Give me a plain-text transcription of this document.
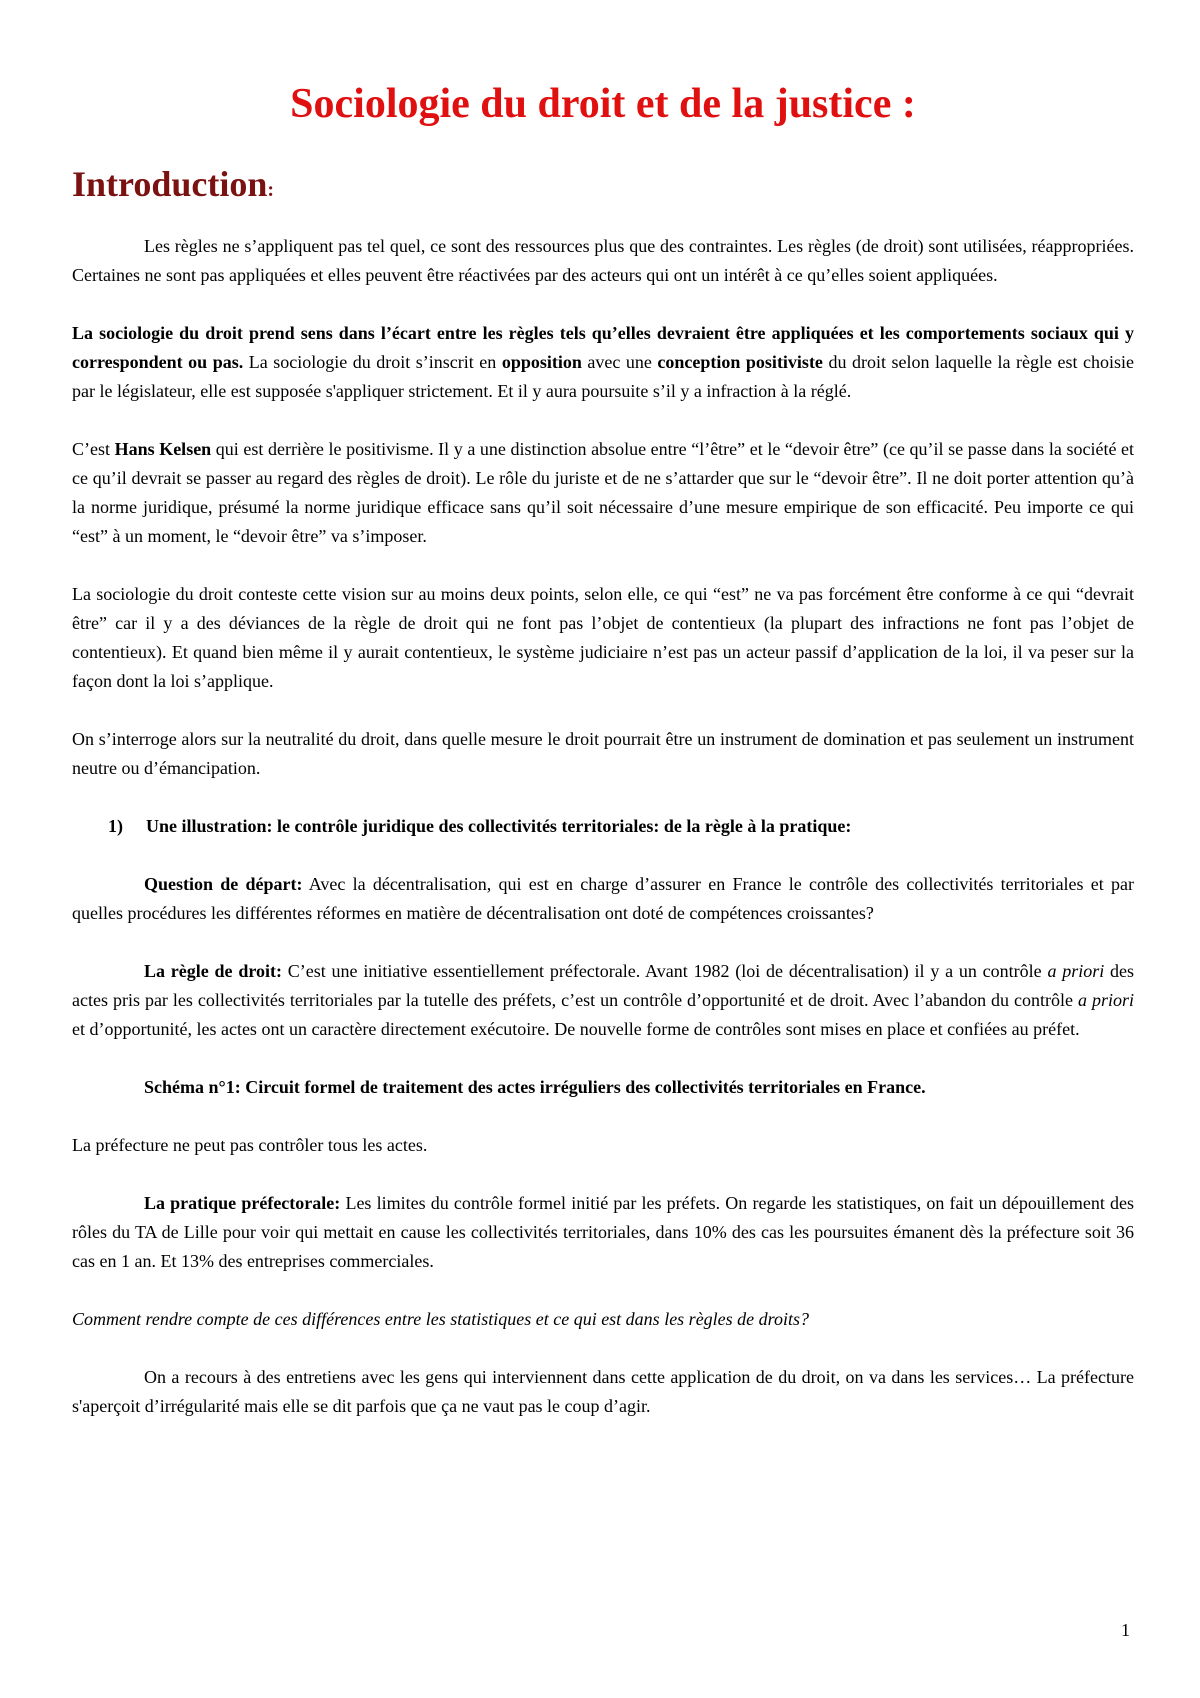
Sociologie du droit et de la justice :
Introduction:

Les règles ne s’appliquent pas tel quel, ce sont des ressources plus que des contraintes. Les règles (de droit) sont utilisées, réappropriées. Certaines ne sont pas appliquées et elles peuvent être réactivées par des acteurs qui ont un intérêt à ce qu’elles soient appliquées.

La sociologie du droit prend sens dans l’écart entre les règles tels qu’elles devraient être appliquées et les comportements sociaux qui y correspondent ou pas. La sociologie du droit s’inscrit en opposition avec une conception positiviste du droit selon laquelle la règle est choisie par le législateur, elle est supposée s'appliquer strictement. Et il y aura poursuite s’il y a infraction à la réglé.

C’est Hans Kelsen qui est derrière le positivisme. Il y a une distinction absolue entre “l’être” et le “devoir être” (ce qu’il se passe dans la société et ce qu’il devrait se passer au regard des règles de droit). Le rôle du juriste et de ne s’attarder que sur le “devoir être”. Il ne doit porter attention qu’à la norme juridique, présumé la norme juridique efficace sans qu’il soit nécessaire d’une mesure empirique de son efficacité. Peu importe ce qui “est” à un moment, le “devoir être” va s’imposer.

La sociologie du droit conteste cette vision sur au moins deux points, selon elle, ce qui “est” ne va pas forcément être conforme à ce qui “devrait être” car il y a des déviances de la règle de droit qui ne font pas l’objet de contentieux (la plupart des infractions ne font pas l’objet de contentieux). Et quand bien même il y aurait contentieux, le système judiciaire n’est pas un acteur passif d’application de la loi, il va peser sur la façon dont la loi s’applique.

On s’interroge alors sur la neutralité du droit, dans quelle mesure le droit pourrait être un instrument de domination et pas seulement un instrument neutre ou d’émancipation.

1) Une illustration: le contrôle juridique des collectivités territoriales: de la règle à la pratique:

Question de départ: Avec la décentralisation, qui est en charge d’assurer en France le contrôle des collectivités territoriales et par quelles procédures les différentes réformes en matière de décentralisation ont doté de compétences croissantes?

La règle de droit: C’est une initiative essentiellement préfectorale. Avant 1982 (loi de décentralisation) il y a un contrôle a priori des actes pris par les collectivités territoriales par la tutelle des préfets, c’est un contrôle d’opportunité et de droit. Avec l’abandon du contrôle a priori et d’opportunité, les actes ont un caractère directement exécutoire. De nouvelle forme de contrôles sont mises en place et confiées au préfet.

Schéma n°1: Circuit formel de traitement des actes irréguliers des collectivités territoriales en France.

La préfecture ne peut pas contrôler tous les actes.

La pratique préfectorale: Les limites du contrôle formel initié par les préfets. On regarde les statistiques, on fait un dépouillement des rôles du TA de Lille pour voir qui mettait en cause les collectivités territoriales, dans 10% des cas les poursuites émanent dès la préfecture soit 36 cas en 1 an. Et 13% des entreprises commerciales.

Comment rendre compte de ces différences entre les statistiques et ce qui est dans les règles de droits?

On a recours à des entretiens avec les gens qui interviennent dans cette application de du droit, on va dans les services… La préfecture s'aperçoit d’irrégularité mais elle se dit parfois que ça ne vaut pas le coup d’agir.

1
